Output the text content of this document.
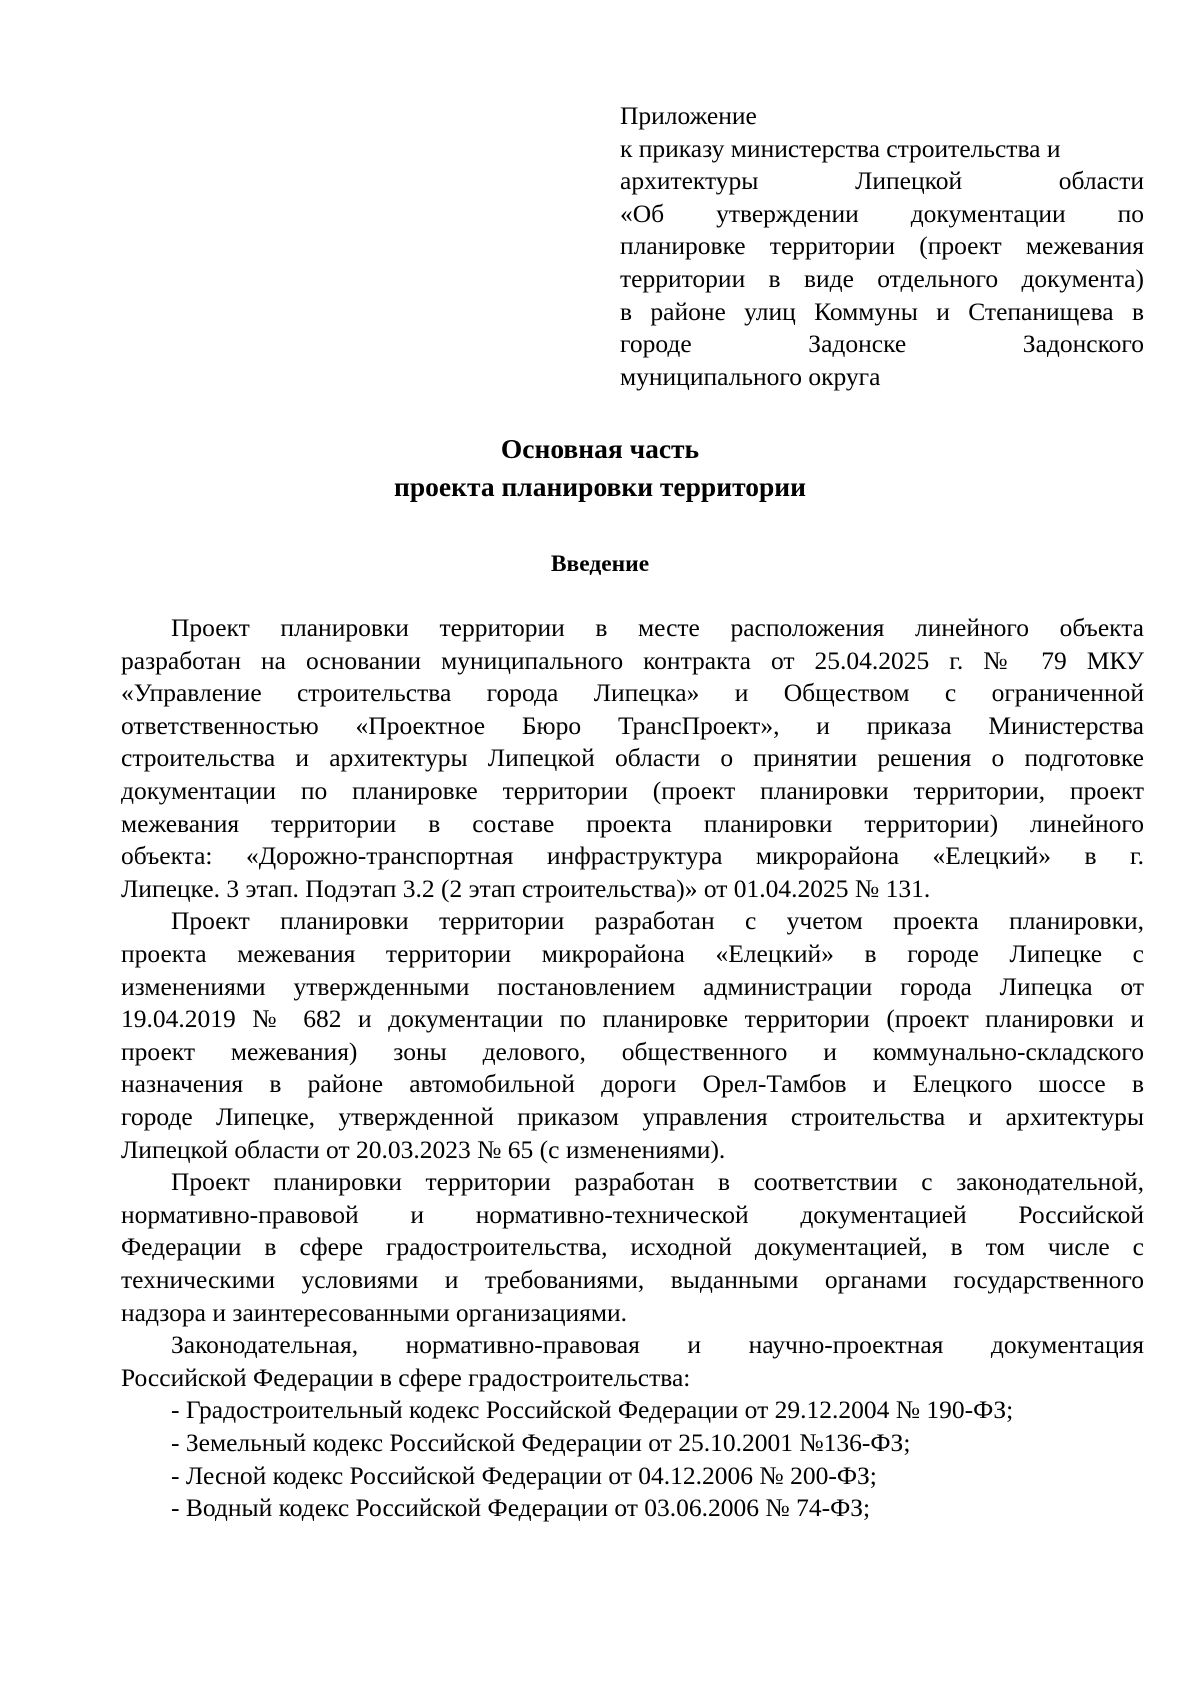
Приложение
к приказу министерства строительства и
архитектуры Липецкой области
«Об утверждении документации по
планировке территории (проект межевания
территории в виде отдельного документа)
в районе улиц Коммуны и Степанищева в
городе Задонске Задонского
муниципального округа
Основная часть
проекта планировки территории
Введение
Проект планировки территории в месте расположения линейного объекта
разработан на основании муниципального контракта от 25.04.2025 г. № 79 МКУ
«Управление строительства города Липецка» и Обществом с ограниченной
ответственностью «Проектное Бюро ТрансПроект», и приказа Министерства
строительства и архитектуры Липецкой области о принятии решения о подготовке
документации по планировке территории (проект планировки территории, проект
межевания территории в составе проекта планировки территории) линейного
объекта: «Дорожно-транспортная инфраструктура микрорайона «Елецкий» в г.
Липецке. 3 этап. Подэтап 3.2 (2 этап строительства)» от 01.04.2025 № 131.
Проект планировки территории разработан с учетом проекта планировки,
проекта межевания территории микрорайона «Елецкий» в городе Липецке с
изменениями утвержденными постановлением администрации города Липецка от
19.04.2019 № 682 и документации по планировке территории (проект планировки и
проект межевания) зоны делового, общественного и коммунально-складского
назначения в районе автомобильной дороги Орел-Тамбов и Елецкого шоссе в
городе Липецке, утвержденной приказом управления строительства и архитектуры
Липецкой области от 20.03.2023 № 65 (с изменениями).
Проект планировки территории разработан в соответствии с законодательной,
нормативно-правовой и нормативно-технической документацией Российской
Федерации в сфере градостроительства, исходной документацией, в том числе с
техническими условиями и требованиями, выданными органами государственного
надзора и заинтересованными организациями.
Законодательная, нормативно-правовая и научно-проектная документация
Российской Федерации в сфере градостроительства:
- Градостроительный кодекс Российской Федерации от 29.12.2004 № 190-ФЗ;
- Земельный кодекс Российской Федерации от 25.10.2001 №136-ФЗ;
- Лесной кодекс Российской Федерации от 04.12.2006 № 200-ФЗ;
- Водный кодекс Российской Федерации от 03.06.2006 № 74-ФЗ;
